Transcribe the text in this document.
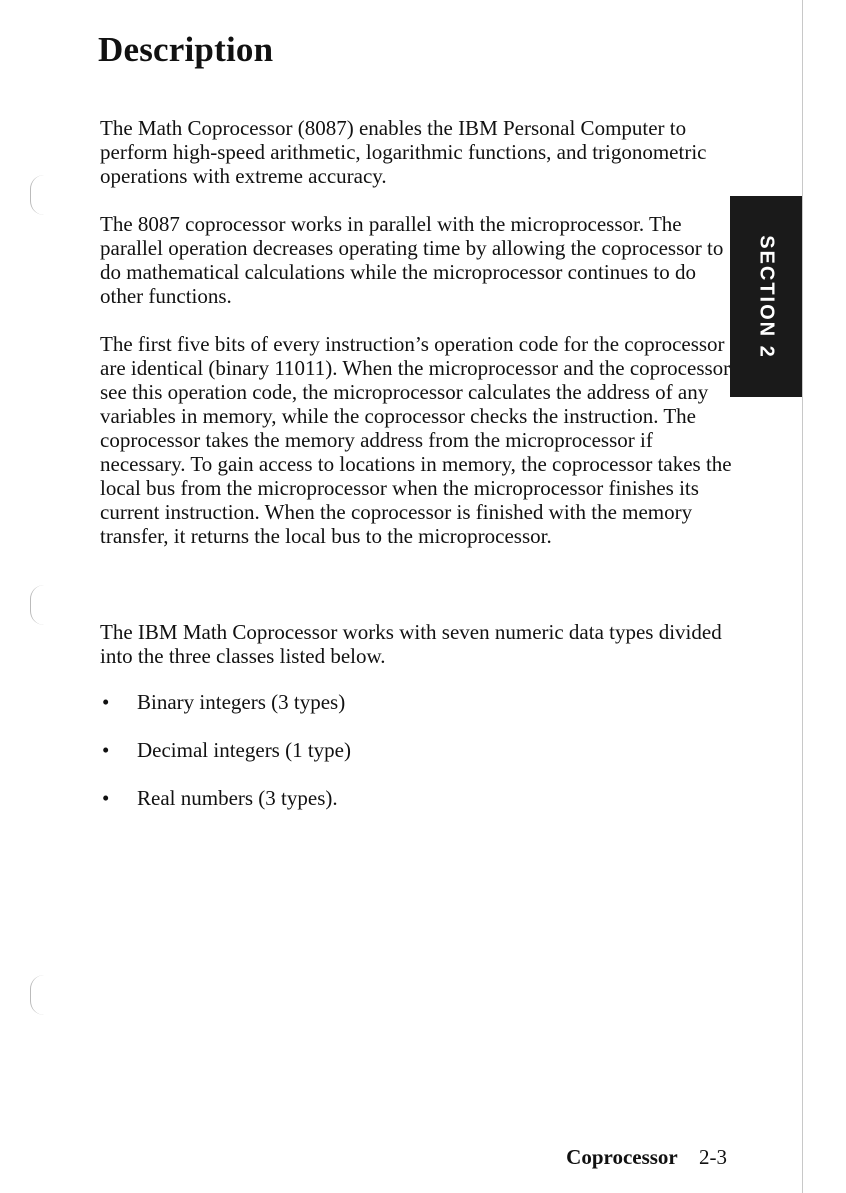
Description

The Math Coprocessor (8087) enables the IBM Personal Computer to perform high-speed arithmetic, logarithmic functions, and trigonometric operations with extreme accuracy.

The 8087 coprocessor works in parallel with the microprocessor. The parallel operation decreases operating time by allowing the coprocessor to do mathematical calculations while the microprocessor continues to do other functions.

The first five bits of every instruction’s operation code for the coprocessor are identical (binary 11011). When the microprocessor and the coprocessor see this operation code, the microprocessor calculates the address of any variables in memory, while the coprocessor checks the instruction. The coprocessor takes the memory address from the microprocessor if necessary. To gain access to locations in memory, the coprocessor takes the local bus from the microprocessor when the microprocessor finishes its current instruction. When the coprocessor is finished with the memory transfer, it returns the local bus to the microprocessor.

The IBM Math Coprocessor works with seven numeric data types divided into the three classes listed below.

• Binary integers (3 types)
• Decimal integers (1 type)
• Real numbers (3 types).
SECTION 2
Coprocessor 2-3
